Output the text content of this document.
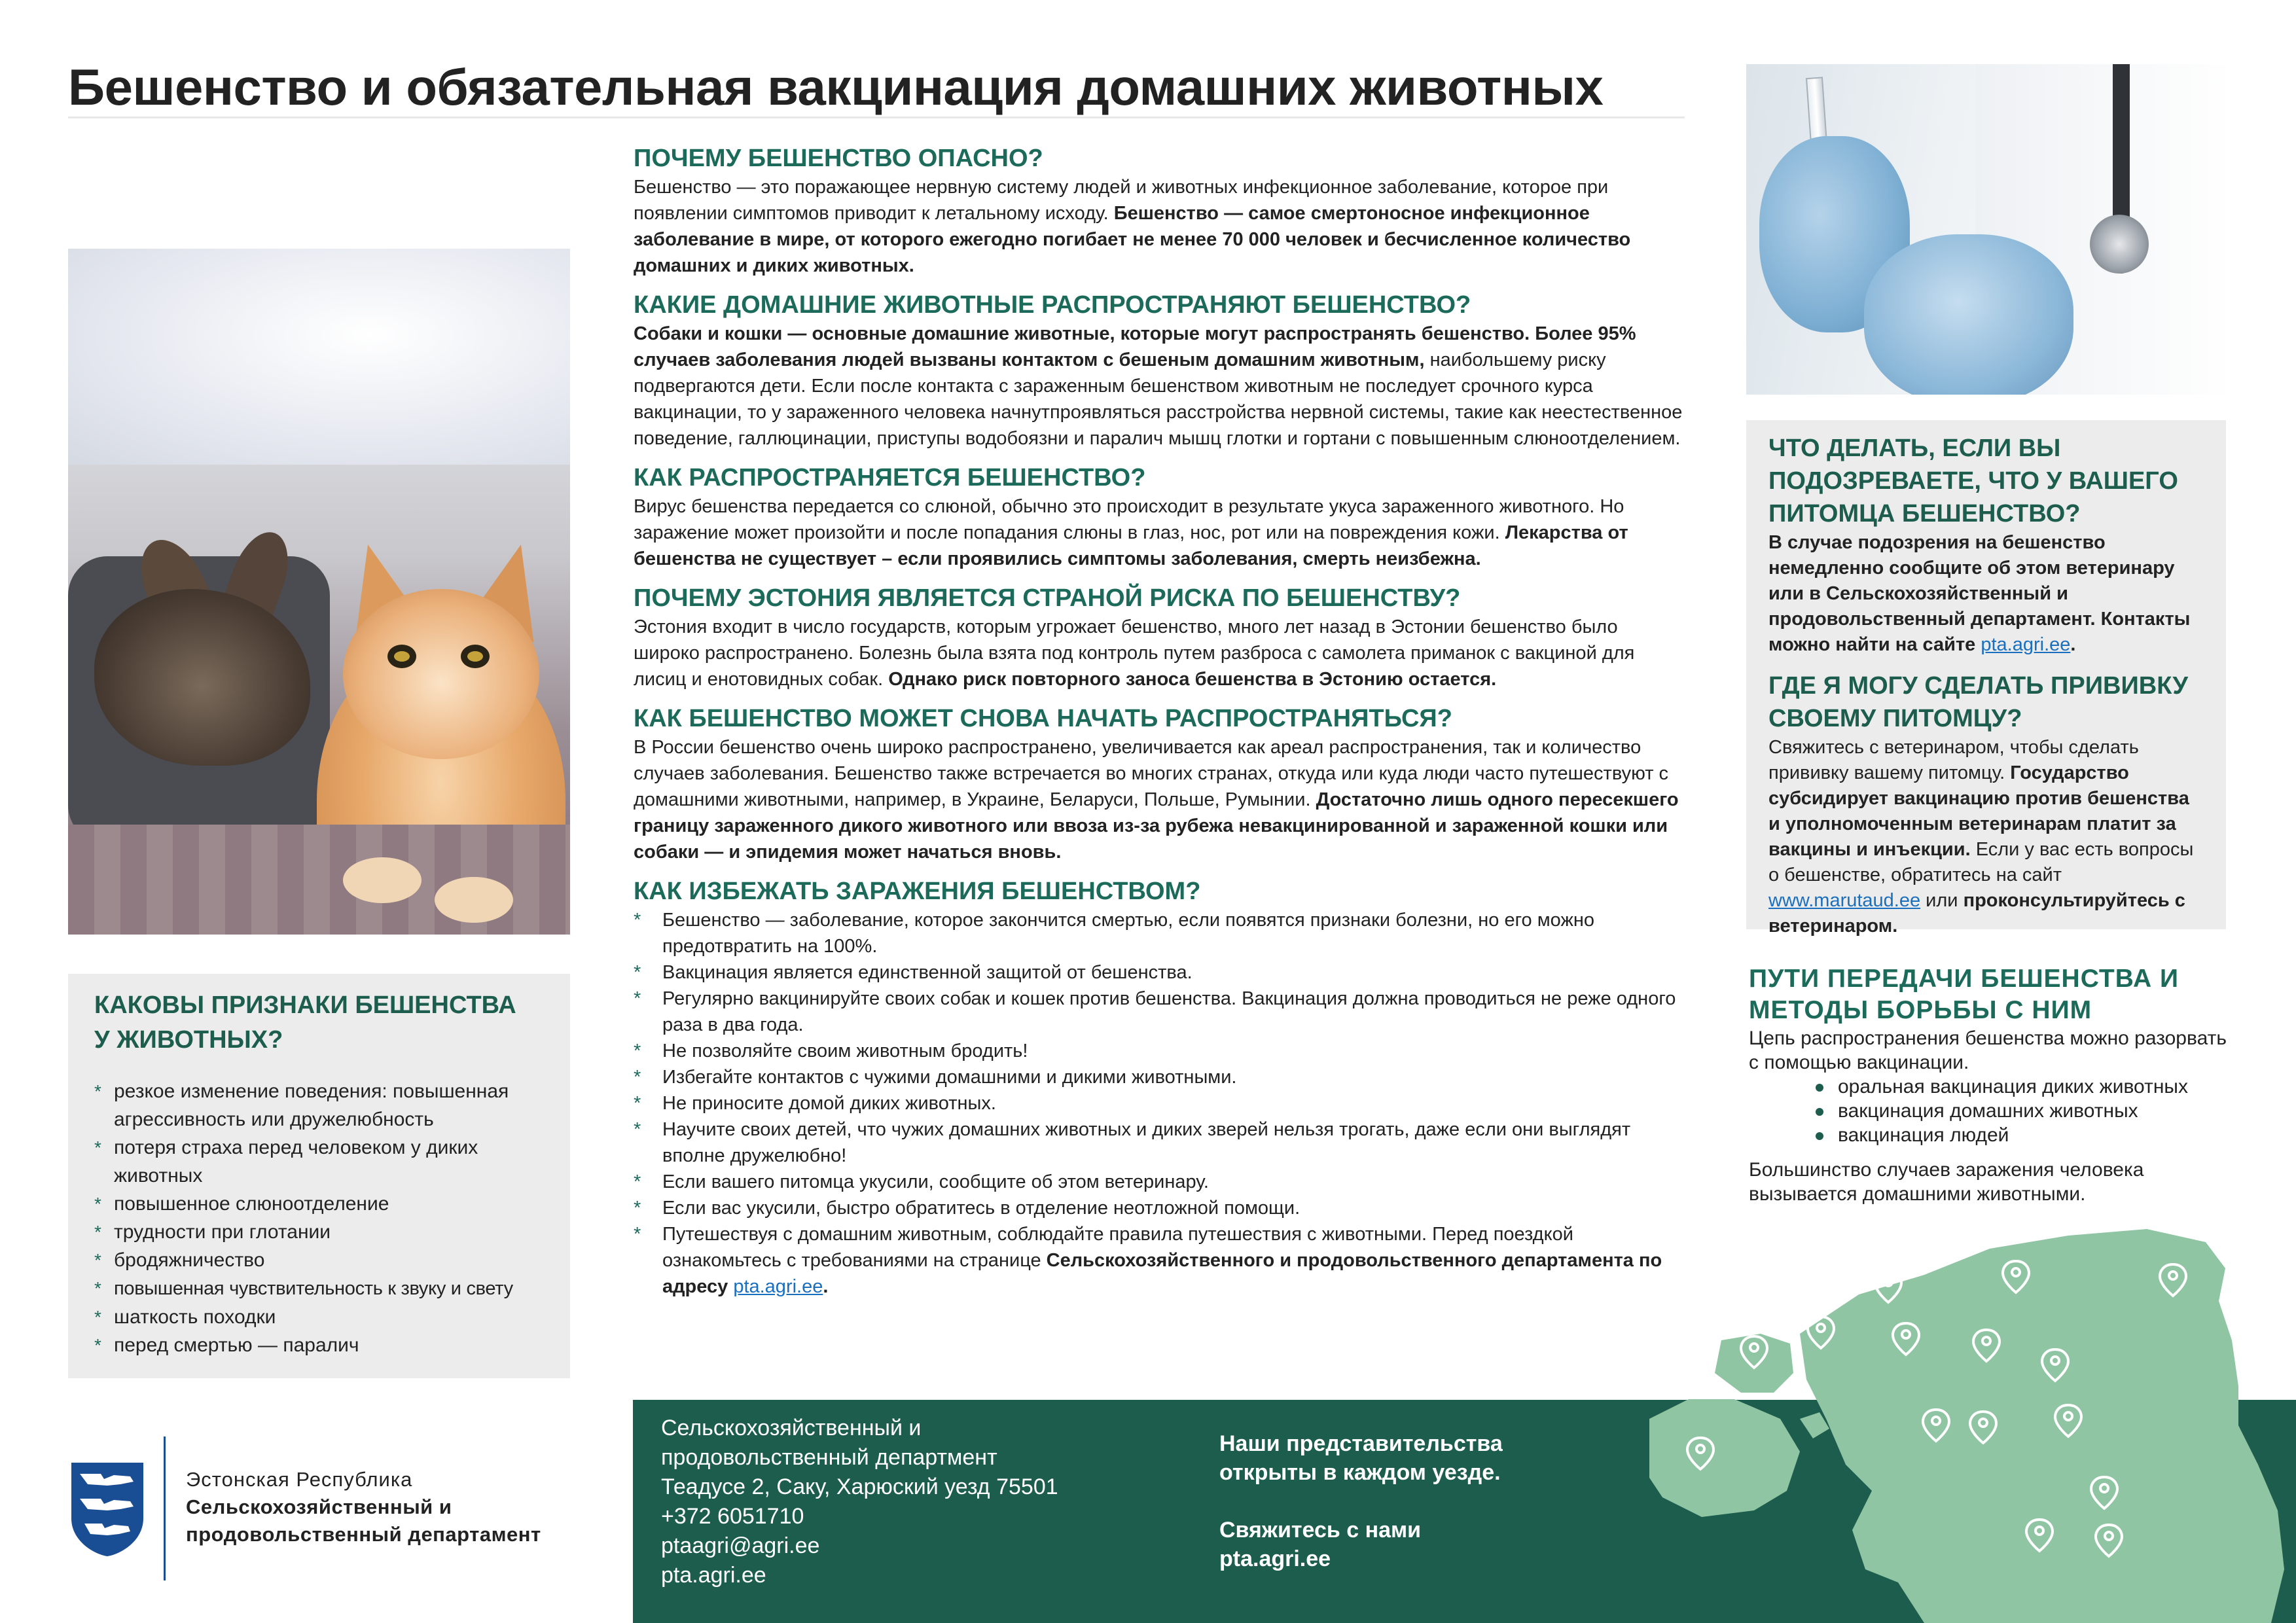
Бешенство и обязательная вакцинация домашних животных
КАКОВЫ ПРИЗНАКИ БЕШЕНСТВА
У ЖИВОТНЫХ?
* резкое изменение поведения: повышенная агрессивность или дружелюбность
* потеря страха перед человеком у диких животных
* повышенное слюноотделение
* трудности при глотании
* бродяжничество
* повышенная чувствительность к звуку и свету
* шаткость походки
* перед смертью — паралич
ПОЧЕМУ БЕШЕНСТВО ОПАСНО?

Бешенство — это поражающее нервную систему людей и животных инфекционное заболевание, которое при появлении симптомов приводит к летальному исходу. Бешенство — самое смертоносное инфекционное заболевание в мире, от которого ежегодно погибает не менее 70 000 человек и бесчисленное количество домашних и диких животных.

КАКИЕ ДОМАШНИЕ ЖИВОТНЫЕ РАСПРОСТРАНЯЮТ БЕШЕНСТВО?

Собаки и кошки — основные домашние животные, которые могут распространять бешенство. Более 95% случаев заболевания людей вызваны контактом с бешеным домашним животным, наибольшему риску подвергаются дети. Если после контакта с зараженным бешенством животным не последует срочного курса вакцинации, то у зараженного человека начнутпроявляться расстройства нервной системы, такие как неестественное поведение, галлюцинации, приступы водобоязни и паралич мышц глотки и гортани с повышенным слюноотделением.

КАК РАСПРОСТРАНЯЕТСЯ БЕШЕНСТВО?

Вирус бешенства передается со слюной, обычно это происходит в результате укуса зараженного животного. Но заражение может произойти и после попадания слюны в глаз, нос, рот или на повреждения кожи. Лекарства от бешенства не существует – если проявились симптомы заболевания, смерть неизбежна.

ПОЧЕМУ ЭСТОНИЯ ЯВЛЯЕТСЯ СТРАНОЙ РИСКА ПО БЕШЕНСТВУ?

Эстония входит в число государств, которым угрожает бешенство, много лет назад в Эстонии бешенство было широко распространено. Болезнь была взята под контроль путем разброса с самолета приманок с вакциной для лисиц и енотовидных собак. Однако риск повторного заноса бешенства в Эстонию остается.

КАК БЕШЕНСТВО МОЖЕТ СНОВА НАЧАТЬ РАСПРОСТРАНЯТЬСЯ?

В России бешенство очень широко распространено, увеличивается как ареал распространения, так и количество случаев заболевания. Бешенство также встречается во многих странах, откуда или куда люди часто путешествуют с домашними животными, например, в Украине, Беларуси, Польше, Румынии. Достаточно лишь одного пересекшего границу зараженного дикого животного или ввоза из-за рубежа невакцинированной и зараженной кошки или собаки — и эпидемия может начаться вновь.

КАК ИЗБЕЖАТЬ ЗАРАЖЕНИЯ БЕШЕНСТВОМ?
* Бешенство — заболевание, которое закончится смертью, если появятся признаки болезни, но его можно предотвратить на 100%.
* Вакцинация является единственной защитой от бешенства.
* Регулярно вакцинируйте своих собак и кошек против бешенства. Вакцинация должна проводиться не реже одного раза в два года.
* Не позволяйте своим животным бродить!
* Избегайте контактов с чужими домашними и дикими животными.
* Не приносите домой диких животных.
* Научите своих детей, что чужих домашних животных и диких зверей нельзя трогать, даже если они выглядят вполне дружелюбно!
* Если вашего питомца укусили, сообщите об этом ветеринару.
* Если вас укусили, быстро обратитесь в отделение неотложной помощи.
* Путешествуя с домашним животным, соблюдайте правила путешествия с животными. Перед поездкой ознакомьтесь с требованиями на странице Сельскохозяйственного и продовольственного департамента по адресу pta.agri.ee.
ЧТО ДЕЛАТЬ, ЕСЛИ ВЫ ПОДОЗРЕВАЕТЕ, ЧТО У ВАШЕГО ПИТОМЦА БЕШЕНСТВО?

В случае подозрения на бешенство немедленно сообщите об этом ветеринару или в Сельскохозяйственный и продовольственный департамент. Контакты можно найти на сайте pta.agri.ee.

ГДЕ Я МОГУ СДЕЛАТЬ ПРИВИВКУ СВОЕМУ ПИТОМЦУ?

Свяжитесь с ветеринаром, чтобы сделать прививку вашему питомцу. Государство субсидирует вакцинацию против бешенства и уполномоченным ветеринарам платит за вакцины и инъекции. Если у вас есть вопросы о бешенстве, обратитесь на сайт www.marutaud.ee или проконсультируйтесь с ветеринаром.

ПУТИ ПЕРЕДАЧИ БЕШЕНСТВА И
МЕТОДЫ БОРЬБЫ С НИМ

Цепь распространения бешенства можно разорвать с помощью вакцинации.

оральная вакцинация диких животных
вакцинация домашних животных
вакцинация людей

Большинство случаев заражения человека вызывается домашними животными.

Сельскохозяйственный и
продовольственный департмент
Теадусе 2, Саку, Харюский уезд 75501
+372 6051710
ptaagri@agri.ee
pta.agri.ee
Наши представительства
открыты в каждом уезде.
Свяжитесь с нами
pta.agri.ee
Эстонская Республика
Сельскохозяйственный и
продовольственный департамент
